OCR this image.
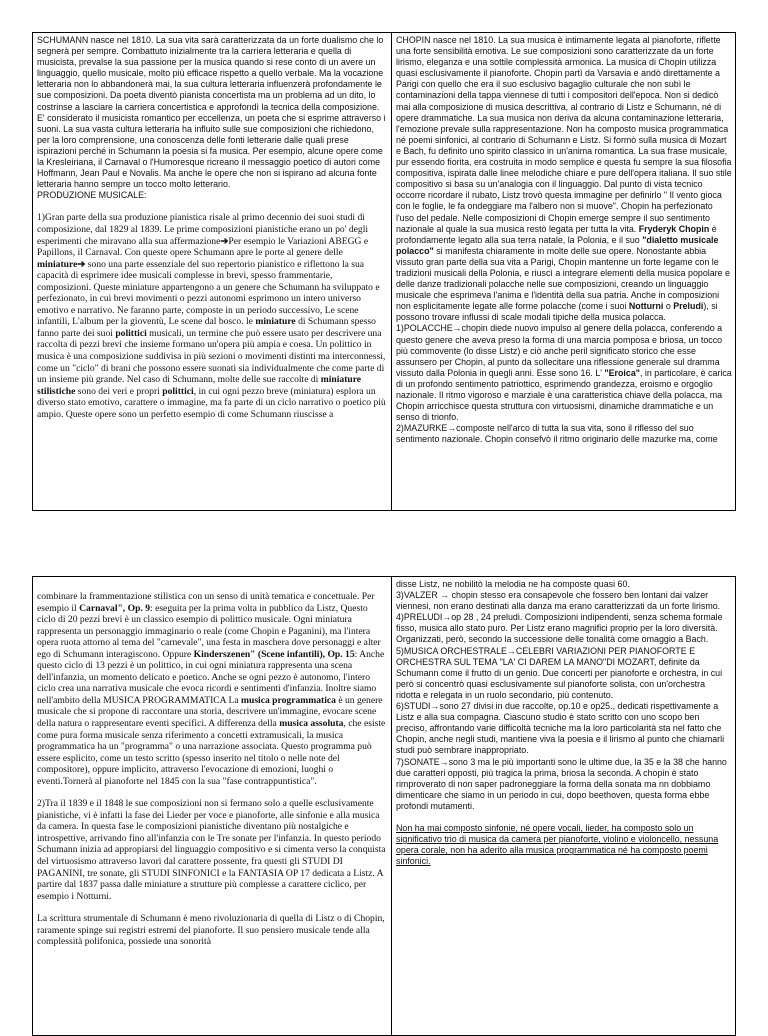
SCHUMANN nasce nel 1810. La sua vita sarà caratterizzata da un forte dualismo che lo segnerà per sempre. Combattuto inizialmente tra la carriera letteraria e quella di musicista, prevalse la sua passione per la musica quando si rese conto di un avere un linguaggio, quello musicale, molto più efficace rispetto a quello verbale. Ma la vocazione letteraria non lo abbandonerà mai, la sua cultura letteraria influenzerà profondamente le sue composizioni. Da poeta diventò pianista concertista ma un problema ad un dito, lo costrinse a lasciare la carriera concertistica e approfondì la tecnica della composizione. E' considerato il musicista romantico per eccellenza, un poeta che si esprime attraverso i suoni. La sua vasta cultura letteraria ha influito sulle sue composizioni che richiedono, per la loro comprensione, una conoscenza delle fonti letterarie dalle quali prese ispirazioni perché in Schumann la poesia si fa musica. Per esempio, alcune opere come la Kresleiriana, il Carnaval o l'Humoresque ricreano il messaggio poetico di autori come Hoffmann, Jean Paul e Novalis. Ma anche le opere che non si ispirano ad alcuna fonte letteraria hanno sempre un tocco molto letterario.

PRODUZIONE MUSICALE:

1)Gran parte della sua produzione pianistica risale al primo decennio dei suoi studi di composizione, dal 1829 al 1839. Le prime composizioni pianistiche erano un po' degli esperimenti che miravano alla sua affermazione➔Per esempio le Variazioni ABEGG e Papillons, il Carnaval. Con queste opere Schumann apre le porte al genere delle miniature➔ sono una parte essenziale del suo repertorio pianistico e riflettono la sua capacità di esprimere idee musicali complesse in brevi, spesso frammentarie, composizioni. Queste miniature appartengono a un genere che Schumann ha sviluppato e perfezionato, in cui brevi movimenti o pezzi autonomi esprimono un intero universo emotivo e narrativo. Ne faranno parte, composte in un periodo successivo, Le scene infantili, L'album per la gioventù, Le scene dal bosco. le miniature di Schumann spesso fanno parte dei suoi polittici musicali, un termine che può essere usato per descrivere una raccolta di pezzi brevi che insieme formano un'opera più ampia e coesa. Un polittico in musica è una composizione suddivisa in più sezioni o movimenti distinti ma interconnessi, come un "ciclo" di brani che possono essere suonati sia individualmente che come parte di un insieme più grande. Nel caso di Schumann, molte delle sue raccolte di miniature stilistiche sono dei veri e propri polittici, in cui ogni pezzo breve (miniatura) esplora un diverso stato emotivo, carattere o immagine, ma fa parte di un ciclo narrativo o poetico più ampio. Queste opere sono un perfetto esempio di come Schumann riuscisse a

CHOPIN nasce nel 1810. La sua musica è intimamente legata al pianoforte, riflette una forte sensibilità emotiva. Le sue composizioni sono caratterizzate da un forte lirismo, eleganza e una sottile complessità armonica. La musica di Chopin utilizza quasi esclusivamente il pianoforte. Chopin partì da Varsavia e andò direttamente a Parigi con quello che era il suo esclusivo bagaglio culturale che non subì le contaminazioni della tappa viennese di tutti i compositori dell'epoca. Non si dedicò mai alla composizione di musica descrittiva, al contrario di Listz e Schumann, né di opere drammatiche. La sua musica non deriva da alcuna contaminazione letteraria, l'emozione prevale sulla rappresentazione. Non ha composto musica programmatica né poemi sinfonici, al contrario di Schumann e Listz. Si formò sulla musica di Mozart e Bach, fu definito uno spirito classico in un'anima romantica. La sua frase musicale, pur essendo fiorita, era costruita in modo semplice e questa fu sempre la sua filosofia compositiva, ispirata dalle linee melodiche chiare e pure dell'opera italiana. Il suo stile compositivo si basa su un'analogia con il linguaggio. Dal punto di vista tecnico occorre ricordare il rubato, Listz trovò questa immagine per definirlo " Il vento gioca con le foglie, le fa ondeggiare ma l'albero non si muove". Chopin ha perfezionato l'uso del pedale. Nelle composizioni di Chopin emerge sempre il suo sentimento nazionale al quale la sua musica restò legata per tutta la vita. Fryderyk Chopin è profondamente legato alla sua terra natale, la Polonia, e il suo "dialetto musicale polacco" si manifesta chiaramente in molte delle sue opere. Nonostante abbia vissuto gran parte della sua vita a Parigi, Chopin mantenne un forte legame con le tradizioni musicali della Polonia, e riuscì a integrare elementi della musica popolare e delle danze tradizionali polacche nelle sue composizioni, creando un linguaggio musicale che esprimeva l'anima e l'identità della sua patria. Anche in composizioni non esplicitamente legate alle forme polacche (come i suoi Notturni o Preludi), si possono trovare influssi di scale modali tipiche della musica polacca.

1)POLACCHE→chopin diede nuovo impulso al genere della polacca, conferendo a questo genere che aveva preso la forma di una marcia pomposa e briosa, un tocco più commovente (lo disse Listz) e ciò anche peril significato storico che esse assunsero per Chopin, al punto da sollecitare una riflessione generale sul dramma vissuto dalla Polonia in quegli anni. Esse sono 16. L' "Eroica", in particolare, è carica di un profondo sentimento patriottico, esprimendo grandezza, eroismo e orgoglio nazionale. Il ritmo vigoroso e marziale è una caratteristica chiave della polacca, ma Chopin arricchisce questa struttura con virtuosismi, dinamiche drammatiche e un senso di trionfo.

2)MAZURKE→composte nell'arco di tutta la sua vita, sono il riflesso del suo sentimento nazionale. Chopin consefvò il ritmo originario delle mazurke ma, come

combinare la frammentazione stilistica con un senso di unità tematica e concettuale. Per esempio il Carnaval", Op. 9: eseguita per la prima volta in pubblico da Listz, Questo ciclo di 20 pezzi brevi è un classico esempio di polittico musicale. Ogni miniatura rappresenta un personaggio immaginario o reale (come Chopin e Paganini), ma l'intera opera ruota attorno al tema del "carnevale", una festa in maschera dove personaggi e alter ego di Schumann interagiscono. Oppure Kinderszenen" (Scene infantili), Op. 15: Anche questo ciclo di 13 pezzi è un polittico, in cui ogni miniatura rappresenta una scena dell'infanzia, un momento delicato e poetico. Anche se ogni pezzo è autonomo, l'intero ciclo crea una narrativa musicale che evoca ricordi e sentimenti d'infanzia. Inoltre siamo nell'ambito della MUSICA PROGRAMMATICA La musica programmatica è un genere musicale che si propone di raccontare una storia, descrivere un'immagine, evocare scene della natura o rappresentare eventi specifici. A differenza della musica assoluta, che esiste come pura forma musicale senza riferimento a concetti extramusicali, la musica programmatica ha un "programma" o una narrazione associata. Questo programma può essere esplicito, come un testo scritto (spesso inserito nel titolo o nelle note del compositore), oppure implicito, attraverso l'evocazione di emozioni, luoghi o eventi.Tornerà al pianoforte nel 1845 con la sua "fase contrappuntistica".

2)Tra il 1839 e il 1848 le sue composizioni non si fermano solo a quelle esclusivamente pianistiche, vi è infatti la fase dei Lieder per voce e pianoforte, alle sinfonie e alla musica da camera. In questa fase le composizioni pianistiche diventano più nostalgiche e introspettive, arrivando fino all'infanzia con le Tre sonate per l'infanzia. In questo periodo Schumann inizia ad appropiarsi del linguaggio compositivo e si cimenta verso la conquista del virtuosismo attraverso lavori dal carattere possente, fra questi gli STUDI DI PAGANINI, tre sonate, gli STUDI SINFONICI e la FANTASIA OP 17 dedicata a Listz. A partire dal 1837 passa dalle miniature a strutture più complesse a carattere ciclico, per esempio i Notturni.

La scrittura strumentale di Schumann è meno rivoluzionaria di quella di Listz o di Chopin, raramente spinge sui registri estremi del pianoforte. Il suo pensiero musicale tende alla complessità polifonica, possiede una sonorità

disse Listz, ne nobilitò la melodia ne ha composte quasi 60.

3)VALZER → chopin stesso era consapevole che fossero ben lontani dai valzer viennesi, non erano destinati alla danza ma erano caratterizzati da un forte lirismo.

4)PRELUDI→op 28 , 24 preludi. Composizioni indipendenti, senza schema formale fisso, musica allo stato puro. Per Listz erano magnifici proprio per la loro diversità. Organizzati, però, secondo la successione delle tonalità come omaggio a Bach.

5)MUSICA ORCHESTRALE→CELEBRI VARIAZIONI PER PIANOFORTE E ORCHESTRA SUL TEMA "LA' CI DAREM LA MANO"DI MOZART, definite da Schumann come il frutto di un genio. Due concerti per pianoforte e orchestra, in cui però si concentrò quasi esclusivamente sul pianoforte solista, con un'orchestra ridotta e relegata in un ruolo secondario, più contenuto.

6)STUDI→sono 27 divisi in due raccolte, op.10 e op25., dedicati rispettivamente a Listz e alla sua compagna. Ciascuno studio è stato scritto con uno scopo ben preciso, affrontando varie difficoltà tecniche ma la loro particolarità sta nel fatto che Chopin, anche negli studi, mantiene viva la poesia e il lirismo al punto che chiamarli studi può sembrare inappropriato.

7)SONATE→sono 3 ma le più importanti sono le ultime due, la 35 e la 38 che hanno due caratteri opposti, più tragica la prima, briosa la seconda. A chopin è stato rimproverato di non saper padroneggiare la forma della sonata ma nn dobbiamo dimenticare che siamo in un periodo in cui, dopo beethoven, questa forma ebbe profondi mutamenti.

Non ha mai composto sinfonie, né opere vocali, lieder, ha composto solo un significativo trio di musica da camera per pianoforte, violino e violoncello, nessuna opera corale, non ha aderito alla musica programmatica né ha composto poemi sinfonici.
